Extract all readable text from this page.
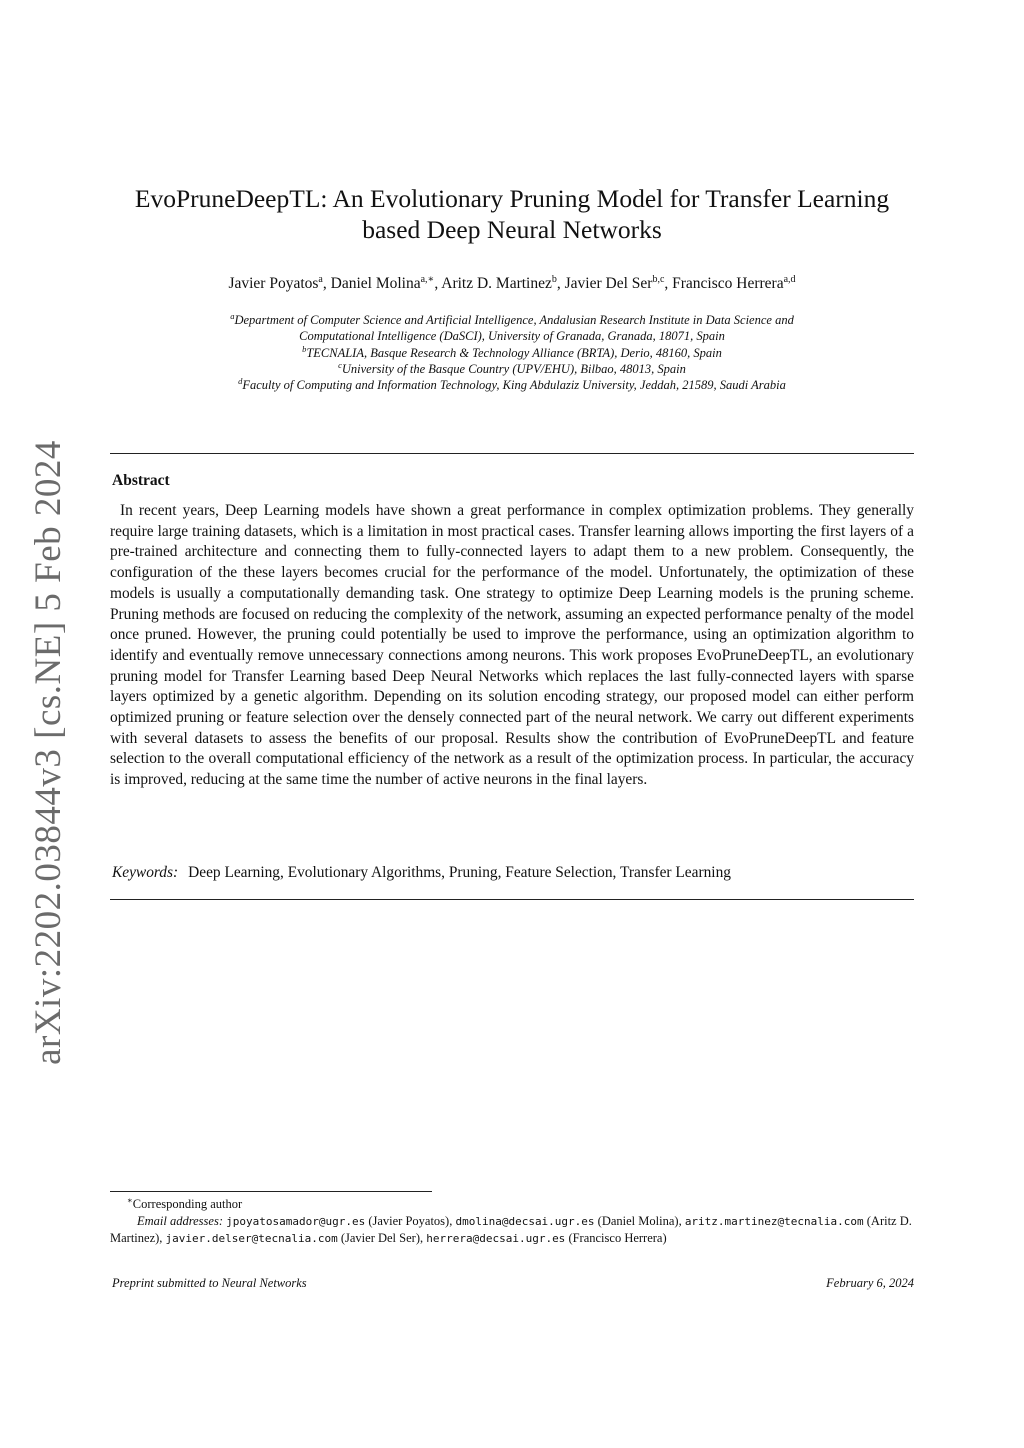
arXiv:2202.03844v3 [cs.NE] 5 Feb 2024
EvoPruneDeepTL: An Evolutionary Pruning Model for Transfer Learning
based Deep Neural Networks
Javier Poyatos$^a$, Daniel Molina$^{a,∗}$, Aritz D. Martinez$^b$, Javier Del Ser$^{b,c}$, Francisco Herrera$^{a,d}$
$^a$Department of Computer Science and Artificial Intelligence, Andalusian Research Institute in Data Science and
Computational Intelligence (DaSCI), University of Granada, Granada, 18071, Spain
$^b$TECNALIA, Basque Research & Technology Alliance (BRTA), Derio, 48160, Spain
$^c$University of the Basque Country (UPV/EHU), Bilbao, 48013, Spain
$^d$Faculty of Computing and Information Technology, King Abdulaziz University, Jeddah, 21589, Saudi Arabia
Abstract
In recent years, Deep Learning models have shown a great performance in complex optimization problems. They generally require large training datasets, which is a limitation in most practical cases. Transfer learning allows importing the first layers of a pre-trained architecture and connecting them to fully-connected layers to adapt them to a new problem. Consequently, the configuration of the these layers becomes crucial for the performance of the model. Unfortunately, the optimization of these models is usually a computationally demanding task. One strategy to optimize Deep Learning models is the pruning scheme. Pruning methods are focused on reducing the complexity of the network, assuming an expected performance penalty of the model once pruned. However, the pruning could potentially be used to improve the performance, using an optimization algorithm to identify and eventually remove unnecessary connections among neurons. This work proposes EvoPruneDeepTL, an evolutionary pruning model for Transfer Learning based Deep Neural Networks which replaces the last fully-connected layers with sparse layers optimized by a genetic algorithm. Depending on its solution encoding strategy, our proposed model can either perform optimized pruning or feature selection over the densely connected part of the neural network. We carry out different experiments with several datasets to assess the benefits of our proposal. Results show the contribution of EvoPruneDeepTL and feature selection to the overall computational efficiency of the network as a result of the optimization process. In particular, the accuracy is improved, reducing at the same time the number of active neurons in the final layers.
Keywords: Deep Learning, Evolutionary Algorithms, Pruning, Feature Selection, Transfer Learning
∗Corresponding author
Email addresses: jpoyatosamador@ugr.es (Javier Poyatos), dmolina@decsai.ugr.es (Daniel Molina), aritz.martinez@tecnalia.com (Aritz D. Martinez), javier.delser@tecnalia.com (Javier Del Ser), herrera@decsai.ugr.es (Francisco Herrera)
Preprint submitted to Neural Networks	February 6, 2024
